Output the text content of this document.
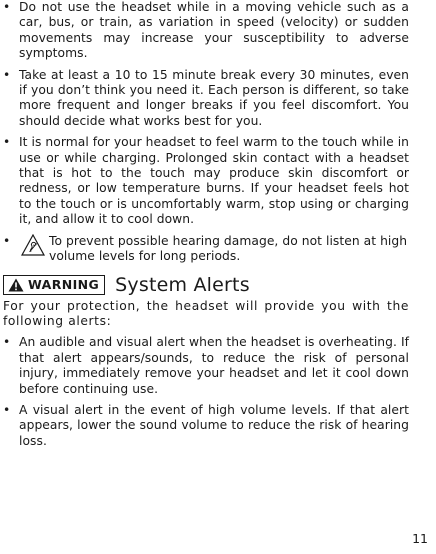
• Do not use the headset while in a moving vehicle such as a car, bus, or train, as variation in speed (velocity) or sudden movements may increase your susceptibility to adverse symptoms.
• Take at least a 10 to 15 minute break every 30 minutes, even if you don’t think you need it. Each person is different, so take more frequent and longer breaks if you feel discomfort. You should decide what works best for you.
• It is normal for your headset to feel warm to the touch while in use or while charging. Prolonged skin contact with a headset that is hot to the touch may produce skin discomfort or redness, or low temperature burns. If your headset feels hot to the touch or is uncomfortably warm, stop using or charging it, and allow it to cool down.
•	To prevent possible hearing damage, do not listen at high volume levels for long periods.
WARNING System Alerts

For your protection, the headset will provide you with the following alerts:

• An audible and visual alert when the headset is overheating. If that alert appears/sounds, to reduce the risk of personal injury, immediately remove your headset and let it cool down before continuing use.
• A visual alert in the event of high volume levels. If that alert appears, lower the sound volume to reduce the risk of hearing loss.
11
